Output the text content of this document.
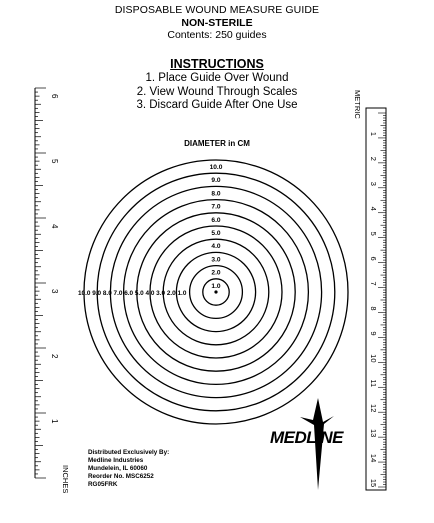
DISPOSABLE WOUND MEASURE GUIDE
NON-STERILE
Contents: 250 guides
INSTRUCTIONS
1. Place Guide Over Wound
2. View Wound Through Scales
3. Discard Guide After One Use
DIAMETER in CM
1.0
2.0
3.0
4.0
5.0
6.0
7.0
8.0
9.0
10.0
10.0 9.0 8.0 7.0 6.0 5.0 4.0 3.0 2.0 1.0
1
2
3
4
5
6
INCHES
1
2
3
4
5
6
7
8
9
10
11
12
13
14
15
METRIC
MEDLINE
Distributed Exclusively By:
Medline Industries
Mundelein, IL 60060
Reorder No. MSC6252
RG05FRK
